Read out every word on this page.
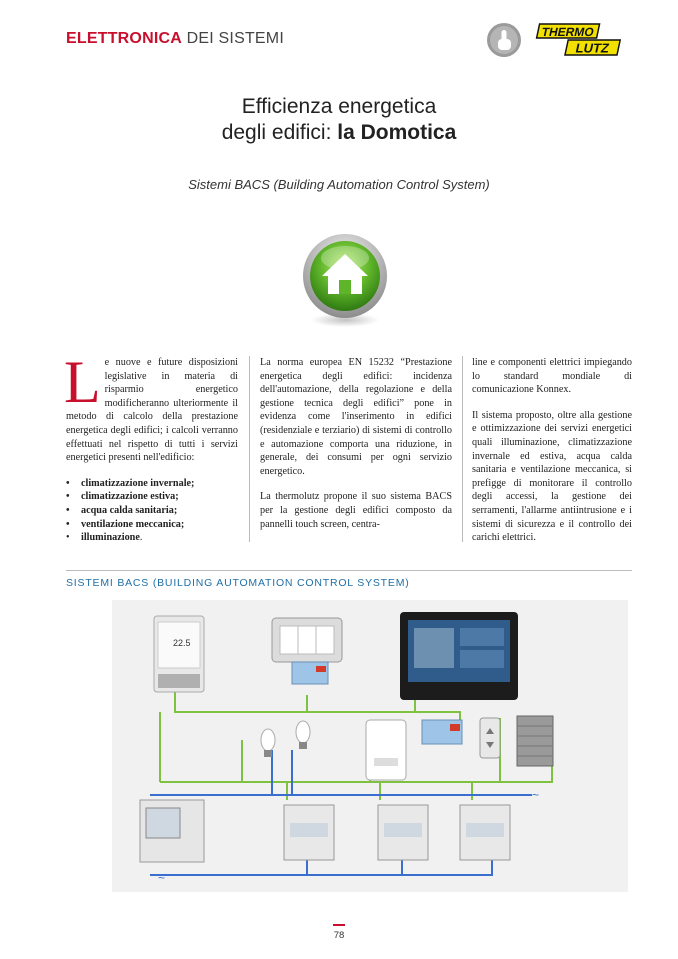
ELETTRONICA DEI SISTEMI	THERMO
LUTZ
Efficienza energetica
degli edifici: la Domotica
Sistemi BACS (Building Automation Control System)

Le nuove e future disposizioni legislative in materia di risparmio energetico modificheranno ulteriormente il metodo di calcolo della prestazione energetica degli edifici; i calcoli verranno effettuati nel rispetto di tutti i servizi energetici presenti nell'edificio:

• climatizzazione invernale;
• climatizzazione estiva;
• acqua calda sanitaria;
• ventilazione meccanica;
• illuminazione.

La norma europea EN 15232 “Prestazione energetica degli edifici: incidenza dell'automazione, della regolazione e della gestione tecnica degli edifici” pone in evidenza come l'inserimento in edifici (residenziale e terziario) di sistemi di controllo e automazione comporta una riduzione, in generale, dei consumi per ogni servizio energetico.

La thermolutz propone il suo sistema BACS per la gestione degli edifici composto da pannelli touch screen, centra-

line e componenti elettrici impiegando lo standard mondiale di comunicazione Konnex.

Il sistema proposto, oltre alla gestione e ottimizzazione dei servizi energetici quali illuminazione, climatizzazione invernale ed estiva, acqua calda sanitaria e ventilazione meccanica, si prefigge di monitorare il controllo degli accessi, la gestione dei serramenti, l'allarme antiintrusione e i sistemi di sicurezza e il controllo dei carichi elettrici.

SISTEMI BACS (BUILDING AUTOMATION CONTROL SYSTEM)
22.5
~
~
78
